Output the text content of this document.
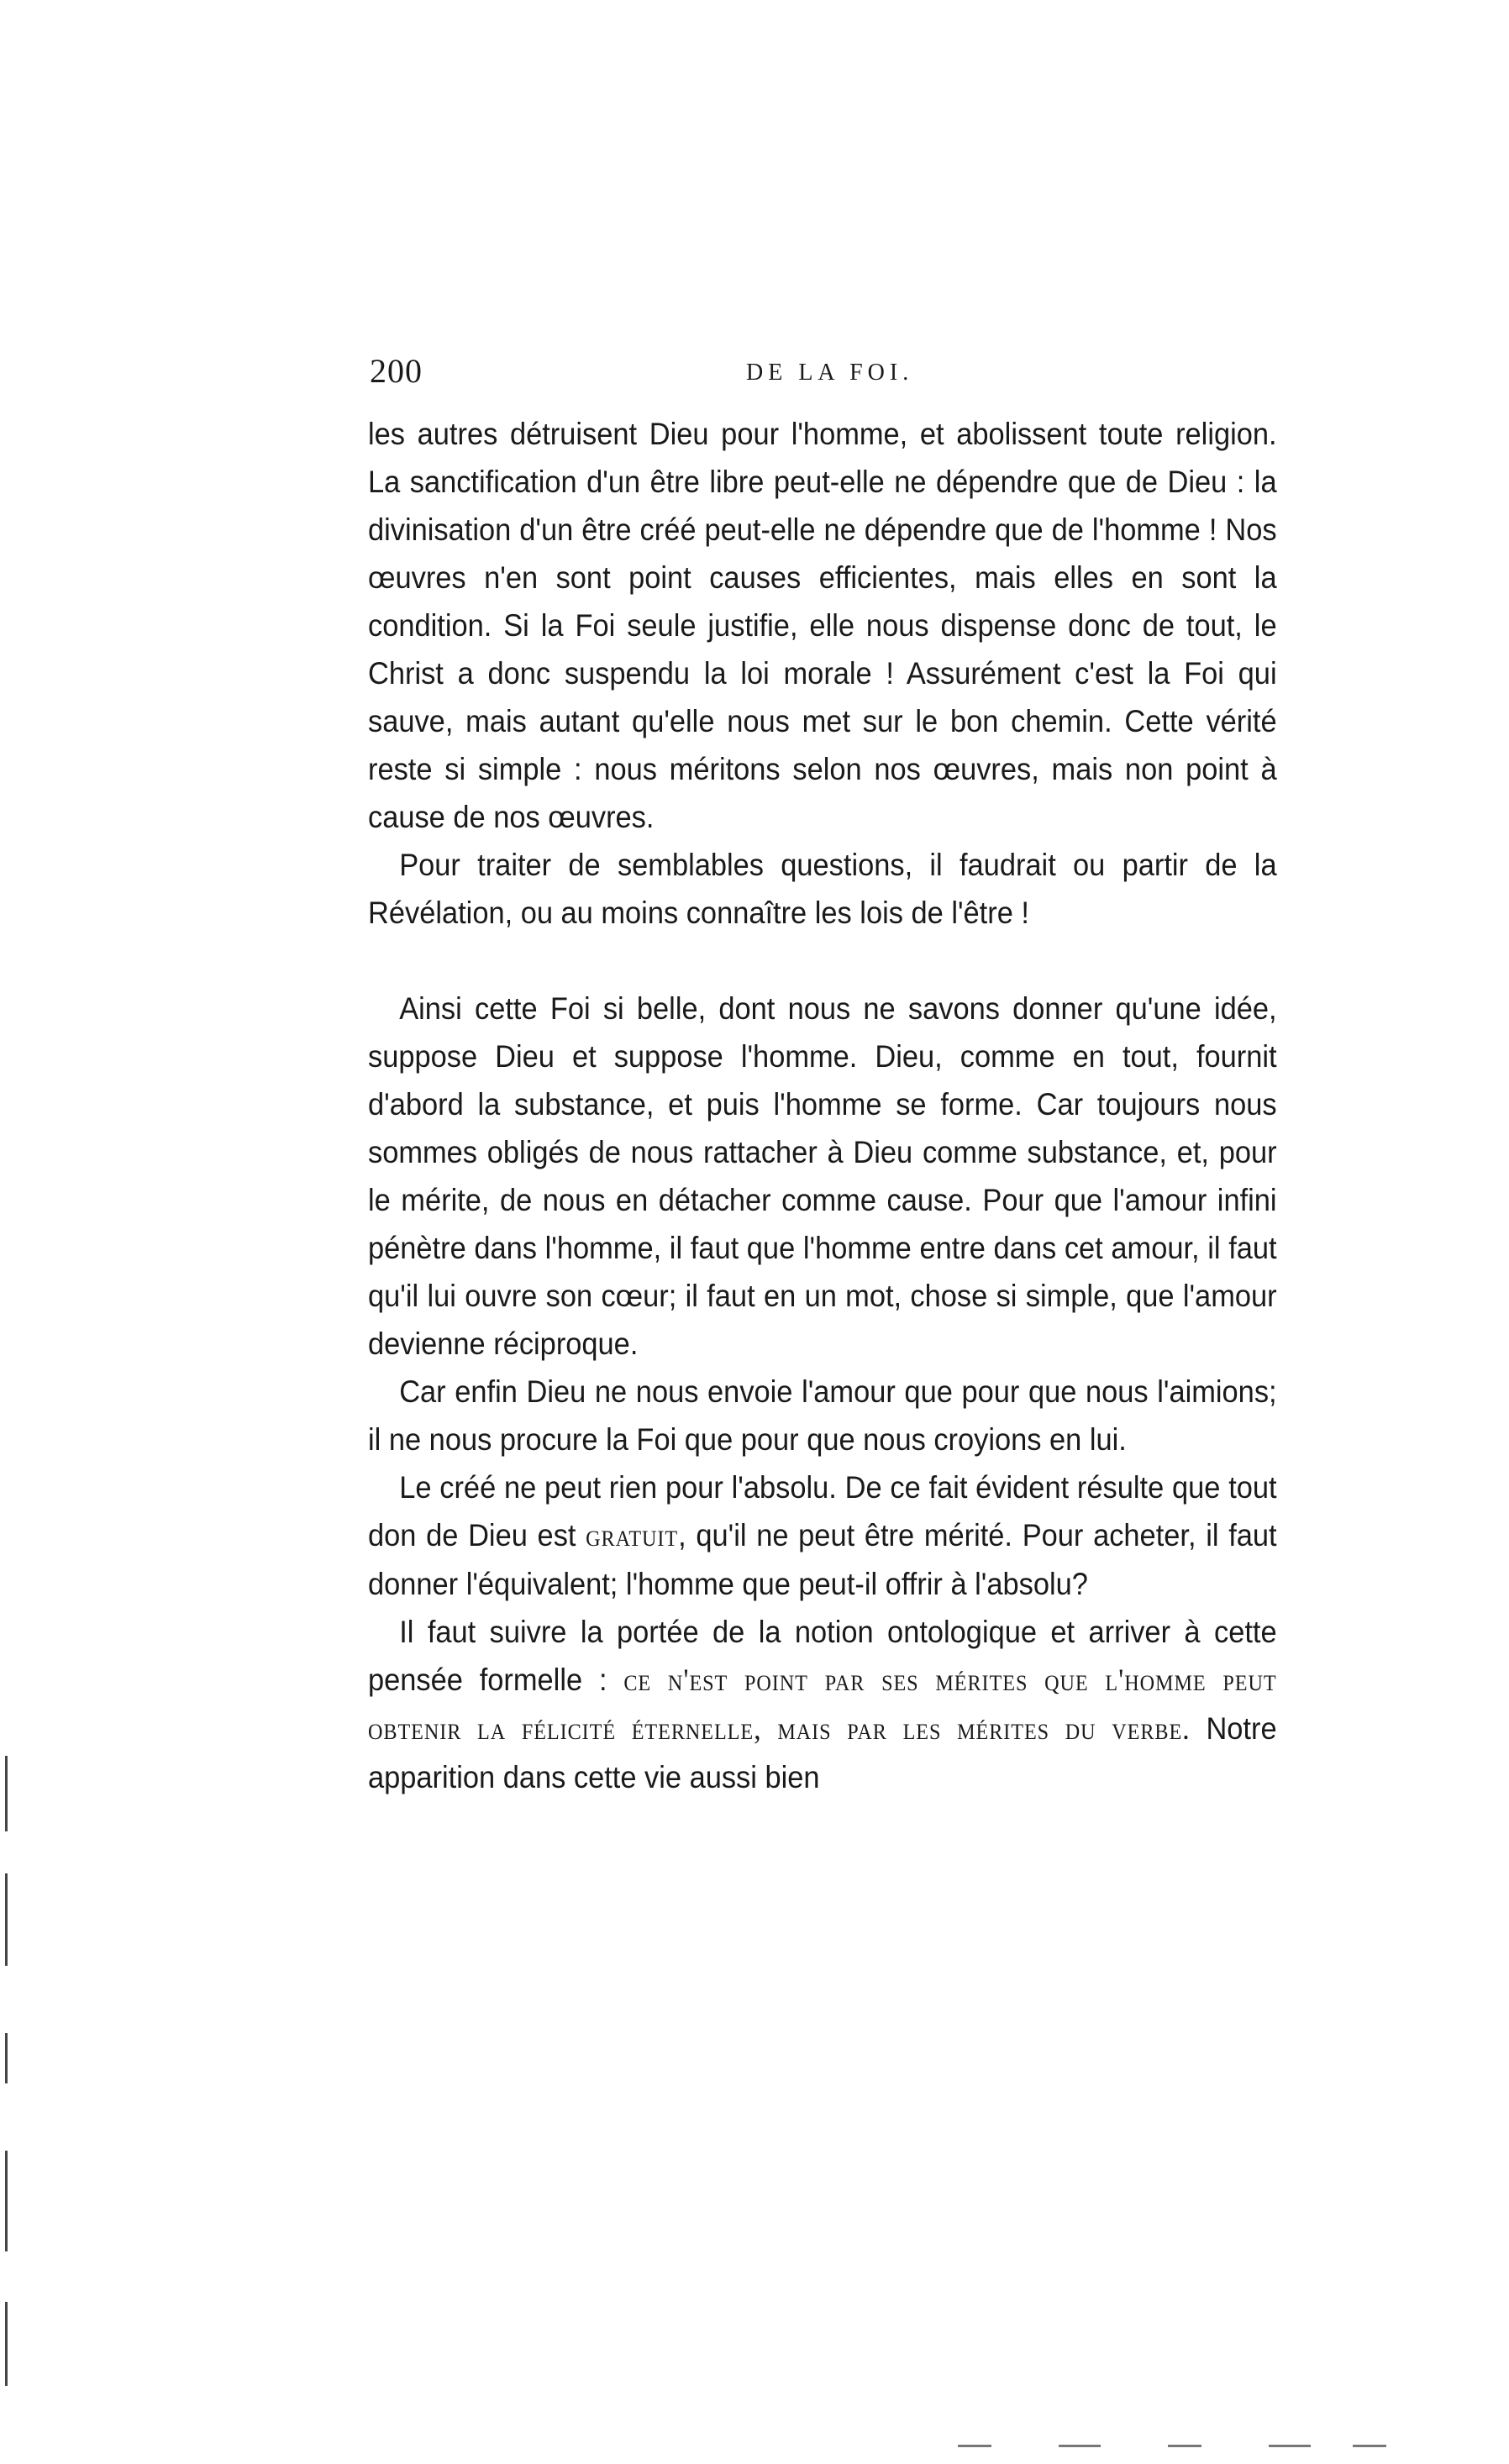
200	DE LA FOI.

les autres détruisent Dieu pour l'homme, et abolissent toute religion. La sanctification d'un être libre peut-elle ne dépendre que de Dieu : la divinisation d'un être créé peut-elle ne dépendre que de l'homme ! Nos œuvres n'en sont point causes efficientes, mais elles en sont la condition. Si la Foi seule justifie, elle nous dispense donc de tout, le Christ a donc suspendu la loi morale ! Assurément c'est la Foi qui sauve, mais autant qu'elle nous met sur le bon chemin. Cette vérité reste si simple : nous méritons selon nos œuvres, mais non point à cause de nos œuvres.

Pour traiter de semblables questions, il faudrait ou partir de la Révélation, ou au moins connaître les lois de l'être !

Ainsi cette Foi si belle, dont nous ne savons donner qu'une idée, suppose Dieu et suppose l'homme. Dieu, comme en tout, fournit d'abord la substance, et puis l'homme se forme. Car toujours nous sommes obligés de nous rattacher à Dieu comme substance, et, pour le mérite, de nous en détacher comme cause. Pour que l'amour infini pénètre dans l'homme, il faut que l'homme entre dans cet amour, il faut qu'il lui ouvre son cœur; il faut en un mot, chose si simple, que l'amour devienne réciproque.

Car enfin Dieu ne nous envoie l'amour que pour que nous l'aimions; il ne nous procure la Foi que pour que nous croyions en lui.

Le créé ne peut rien pour l'absolu. De ce fait évident résulte que tout don de Dieu est gratuit, qu'il ne peut être mérité. Pour acheter, il faut donner l'équivalent; l'homme que peut-il offrir à l'absolu?

Il faut suivre la portée de la notion ontologique et arriver à cette pensée formelle : ce n'est point par ses mérites que l'homme peut obtenir la félicité éternelle, mais par les mérites du verbe. Notre apparition dans cette vie aussi bien
